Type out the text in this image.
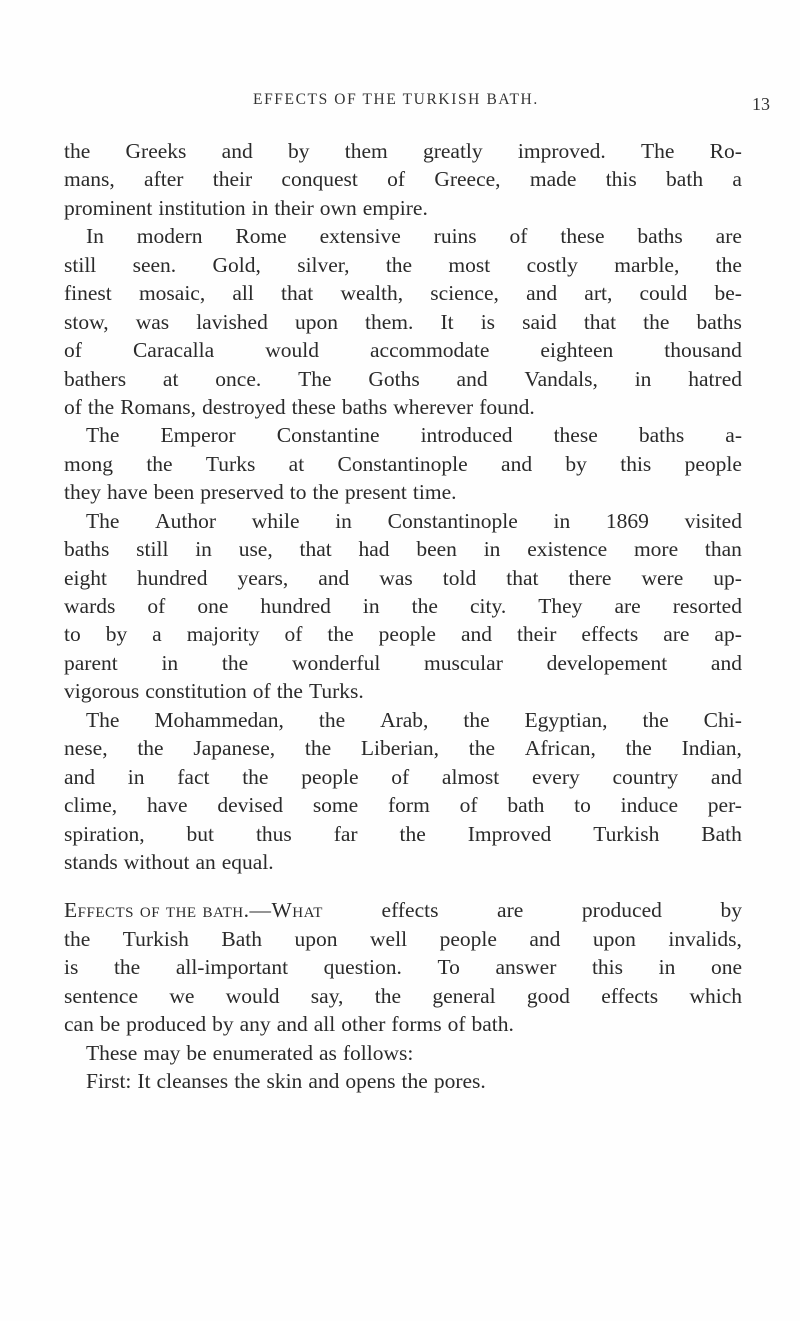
EFFECTS OF THE TURKISH BATH.	13
the Greeks and by them greatly improved. The Ro-
mans, after their conquest of Greece, made this bath a
prominent institution in their own empire.
In modern Rome extensive ruins of these baths are
still seen. Gold, silver, the most costly marble, the
finest mosaic, all that wealth, science, and art, could be-
stow, was lavished upon them. It is said that the baths
of Caracalla would accommodate eighteen thousand
bathers at once. The Goths and Vandals, in hatred
of the Romans, destroyed these baths wherever found.
The Emperor Constantine introduced these baths a-
mong the Turks at Constantinople and by this people
they have been preserved to the present time.
The Author while in Constantinople in 1869 visited
baths still in use, that had been in existence more than
eight hundred years, and was told that there were up-
wards of one hundred in the city. They are resorted
to by a majority of the people and their effects are ap-
parent in the wonderful muscular developement and
vigorous constitution of the Turks.
The Mohammedan, the Arab, the Egyptian, the Chi-
nese, the Japanese, the Liberian, the African, the Indian,
and in fact the people of almost every country and
clime, have devised some form of bath to induce per-
spiration, but thus far the Improved Turkish Bath
stands without an equal.
Effects of the bath.—What	effects	are	produced	by
the Turkish Bath upon well people and upon invalids,
is the all-important question. To answer this in one
sentence we would say, the general good effects which
can be produced by any and all other forms of bath.
These may be enumerated as follows:
First: It cleanses the skin and opens the pores.
